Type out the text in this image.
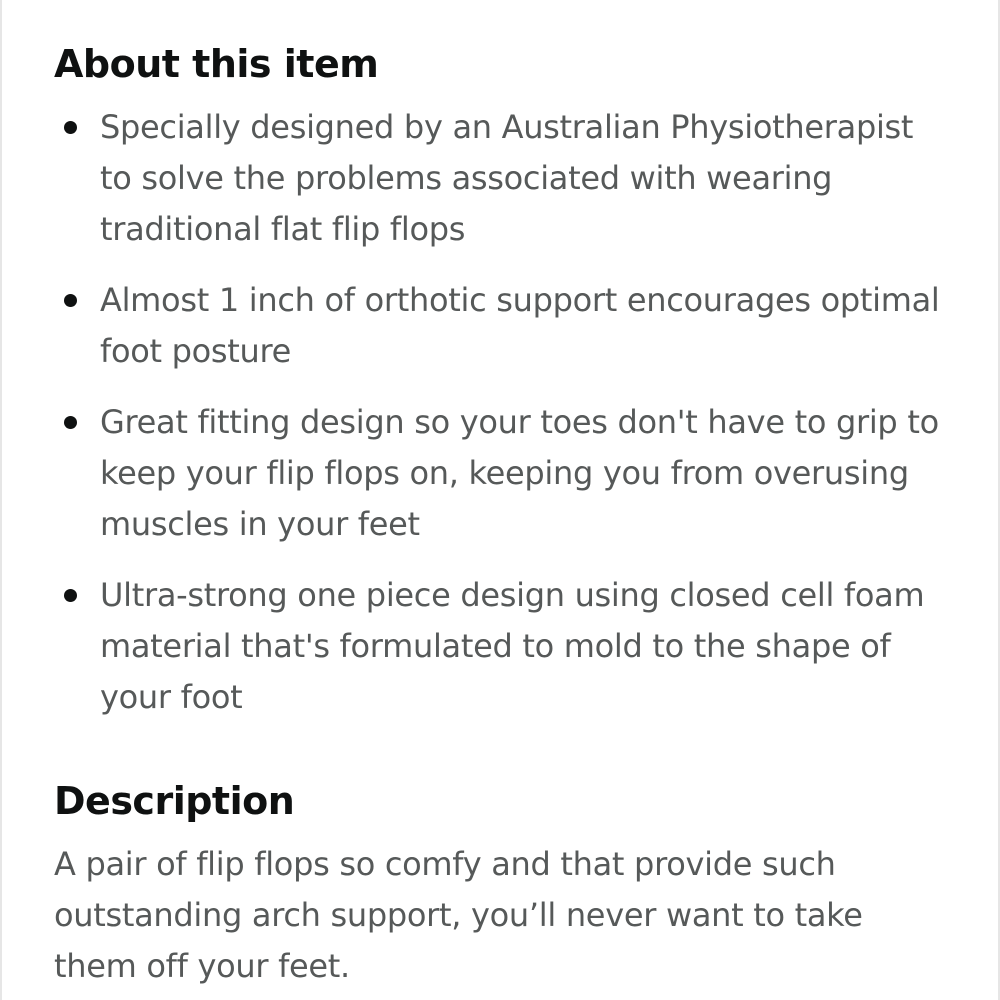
About this item
Specially designed by an Australian Physiotherapist to solve the problems associated with wearing traditional flat flip flops
Almost 1 inch of orthotic support encourages optimal foot posture
Great fitting design so your toes don't have to grip to keep your flip flops on, keeping you from overusing muscles in your feet
Ultra-strong one piece design using closed cell foam material that's formulated to mold to the shape of your foot
Description

A pair of flip flops so comfy and that provide such outstanding arch support, you’ll never want to take them off your feet.
